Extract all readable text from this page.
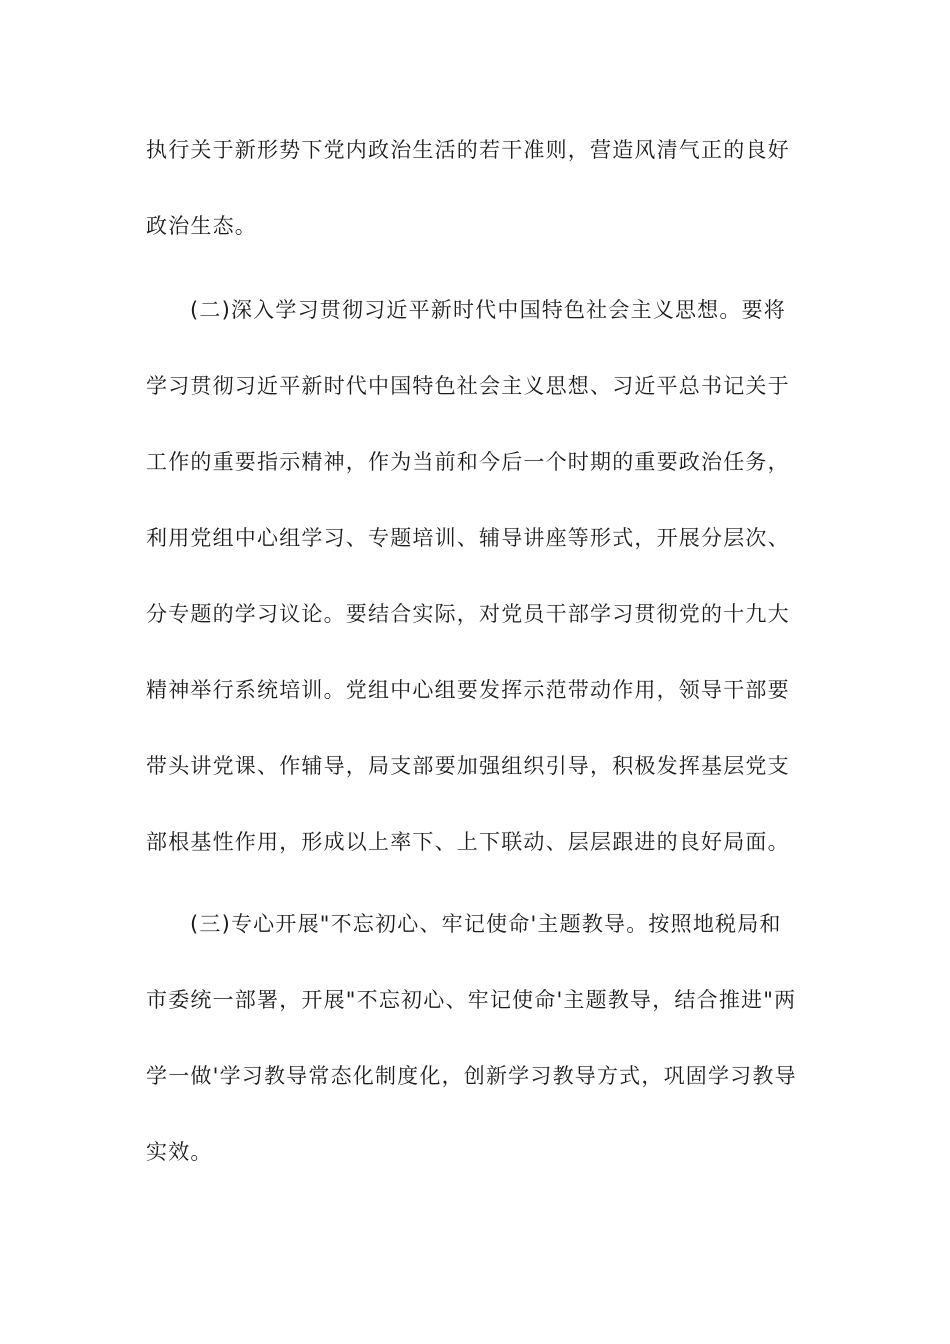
执行关于新形势下党内政治生活的若干准则，营造风清气正的良好
政治生态。
(二)深入学习贯彻习近平新时代中国特色社会主义思想。要将
学习贯彻习近平新时代中国特色社会主义思想、习近平总书记关于
工作的重要指示精神，作为当前和今后一个时期的重要政治任务，
利用党组中心组学习、专题培训、辅导讲座等形式，开展分层次、
分专题的学习议论。要结合实际，对党员干部学习贯彻党的十九大
精神举行系统培训。党组中心组要发挥示范带动作用，领导干部要
带头讲党课、作辅导，局支部要加强组织引导，积极发挥基层党支
部根基性作用，形成以上率下、上下联动、层层跟进的良好局面。
(三)专心开展"不忘初心、牢记使命'主题教导。按照地税局和
市委统一部署，开展"不忘初心、牢记使命'主题教导，结合推进"两
学一做'学习教导常态化制度化，创新学习教导方式，巩固学习教导
实效。
